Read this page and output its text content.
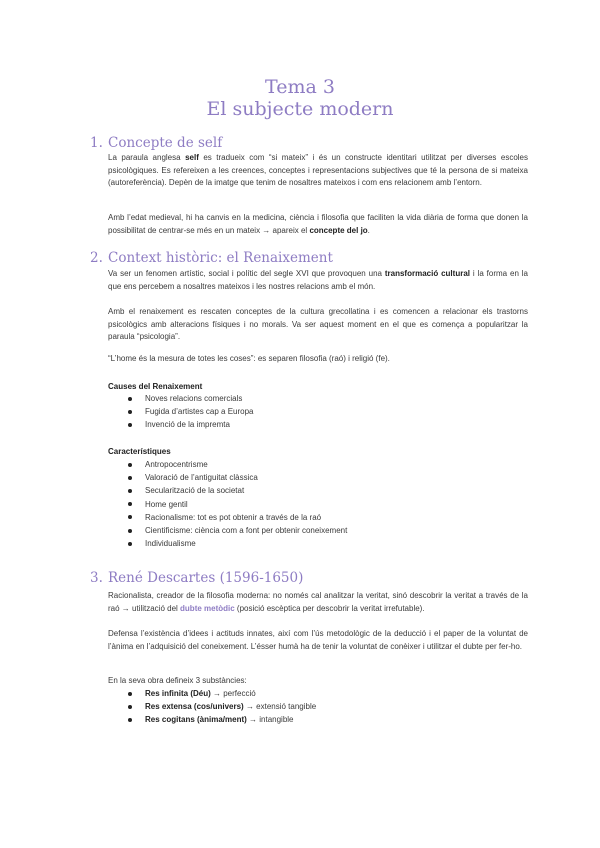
Tema 3
El subjecte modern
1. Concepte de self
La paraula anglesa self es tradueix com “si mateix” i és un constructe identitari utilitzat per diverses escoles psicològiques. Es refereixen a les creences, conceptes i representacions subjectives que té la persona de si mateixa (autoreferència). Depèn de la imatge que tenim de nosaltres mateixos i com ens relacionem amb l’entorn.
Amb l’edat medieval, hi ha canvis en la medicina, ciència i filosofia que faciliten la vida diària de forma que donen la possibilitat de centrar-se més en un mateix → apareix el concepte del jo.
2. Context històric: el Renaixement
Va ser un fenomen artístic, social i polític del segle XVI que provoquen una transformació cultural i la forma en la que ens percebem a nosaltres mateixos i les nostres relacions amb el món.
Amb el renaixement es rescaten conceptes de la cultura grecollatina i es comencen a relacionar els trastorns psicològics amb alteracions físiques i no morals. Va ser aquest moment en el que es comença a popularitzar la paraula “psicologia”.
“L’home és la mesura de totes les coses”: es separen filosofia (raó) i religió (fe).
Causes del Renaixement
Noves relacions comercials
Fugida d’artistes cap a Europa
Invenció de la impremta
Característiques
Antropocentrisme
Valoració de l’antiguitat clàssica
Secularització de la societat
Home gentil
Racionalisme: tot es pot obtenir a través de la raó
Cientificisme: ciència com a font per obtenir coneixement
Individualisme
3. René Descartes (1596-1650)
Racionalista, creador de la filosofia moderna: no només cal analitzar la veritat, sinó descobrir la veritat a través de la raó → utilització del dubte metòdic (posició escèptica per descobrir la veritat irrefutable).
Defensa l’existència d’idees i actituds innates, així com l’ús metodològic de la deducció i el paper de la voluntat de l’ànima en l’adquisició del coneixement. L’ésser humà ha de tenir la voluntat de conèixer i utilitzar el dubte per fer-ho.
En la seva obra defineix 3 substàncies:
Res infinita (Déu) → perfecció
Res extensa (cos/univers) → extensió tangible
Res cogitans (ànima/ment) → intangible
